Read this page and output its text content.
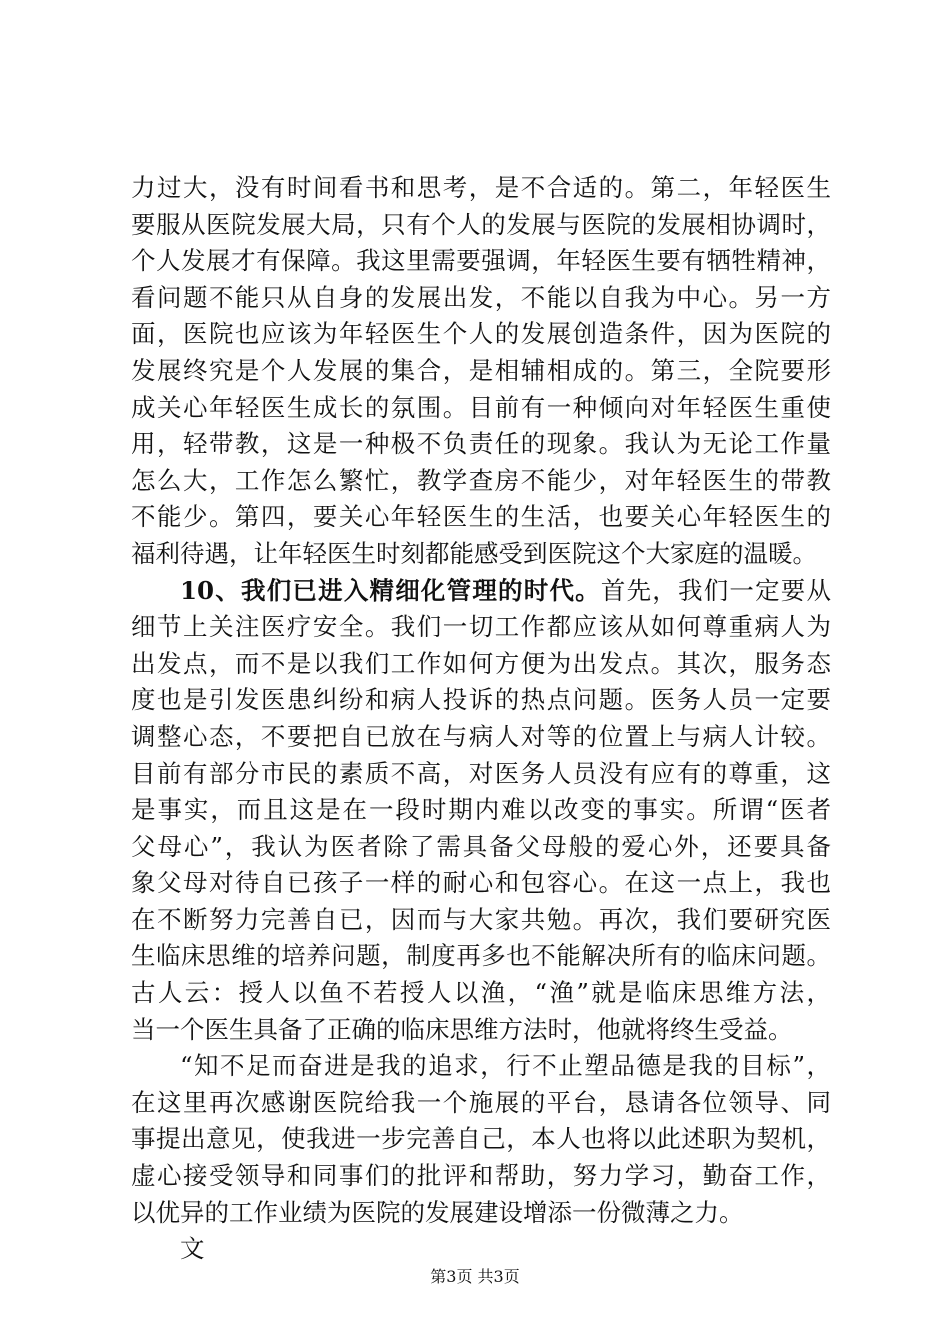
力过大，没有时间看书和思考，是不合适的。第二，年轻医生
要服从医院发展大局，只有个人的发展与医院的发展相协调时，
个人发展才有保障。我这里需要强调，年轻医生要有牺牲精神，
看问题不能只从自身的发展出发，不能以自我为中心。另一方
面，医院也应该为年轻医生个人的发展创造条件，因为医院的
发展终究是个人发展的集合，是相辅相成的。第三，全院要形
成关心年轻医生成长的氛围。目前有一种倾向对年轻医生重使
用，轻带教，这是一种极不负责任的现象。我认为无论工作量
怎么大，工作怎么繁忙，教学查房不能少，对年轻医生的带教
不能少。第四，要关心年轻医生的生活，也要关心年轻医生的
福利待遇，让年轻医生时刻都能感受到医院这个大家庭的温暖。
10、我们已进入精细化管理的时代。首先，我们一定要从
细节上关注医疗安全。我们一切工作都应该从如何尊重病人为
出发点，而不是以我们工作如何方便为出发点。其次，服务态
度也是引发医患纠纷和病人投诉的热点问题。医务人员一定要
调整心态，不要把自已放在与病人对等的位置上与病人计较。
目前有部分市民的素质不高，对医务人员没有应有的尊重，这
是事实，而且这是在一段时期内难以改变的事实。所谓“医者
父母心”，我认为医者除了需具备父母般的爱心外，还要具备
象父母对待自已孩子一样的耐心和包容心。在这一点上，我也
在不断努力完善自已，因而与大家共勉。再次，我们要研究医
生临床思维的培养问题，制度再多也不能解决所有的临床问题。
古人云：授人以鱼不若授人以渔，“渔”就是临床思维方法，
当一个医生具备了正确的临床思维方法时，他就将终生受益。
“知不足而奋进是我的追求，行不止塑品德是我的目标”，
在这里再次感谢医院给我一个施展的平台，恳请各位领导、同
事提出意见，使我进一步完善自己，本人也将以此述职为契机，
虚心接受领导和同事们的批评和帮助，努力学习，勤奋工作，
以优异的工作业绩为医院的发展建设增添一份微薄之力。
文
第3页 共3页
